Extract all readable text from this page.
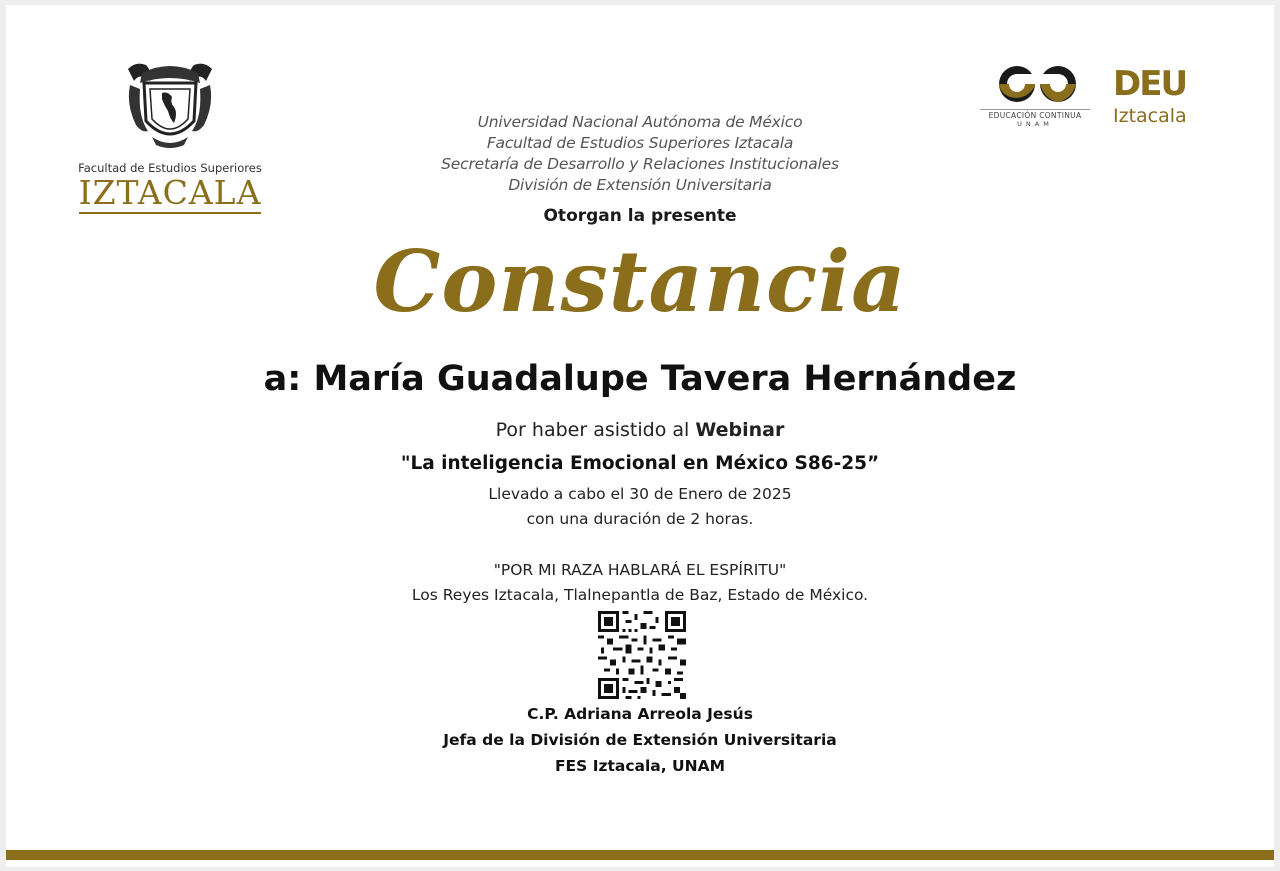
Facultad de Estudios Superiores
IZTACALA
EDUCACIÓN CONTINUA
UNAM
DEU
Iztacala
Universidad Nacional Autónoma de México
Facultad de Estudios Superiores Iztacala
Secretaría de Desarrollo y Relaciones Institucionales
División de Extensión Universitaria
Otorgan la presente
Constancia
a: María Guadalupe Tavera Hernández
Por haber asistido al Webinar
"La inteligencia Emocional en México S86-25”
Llevado a cabo el 30 de Enero de 2025
con una duración de 2 horas.
"POR MI RAZA HABLARÁ EL ESPÍRITU"
Los Reyes Iztacala, Tlalnepantla de Baz, Estado de México.
C.P. Adriana Arreola Jesús
Jefa de la División de Extensión Universitaria
FES Iztacala, UNAM
